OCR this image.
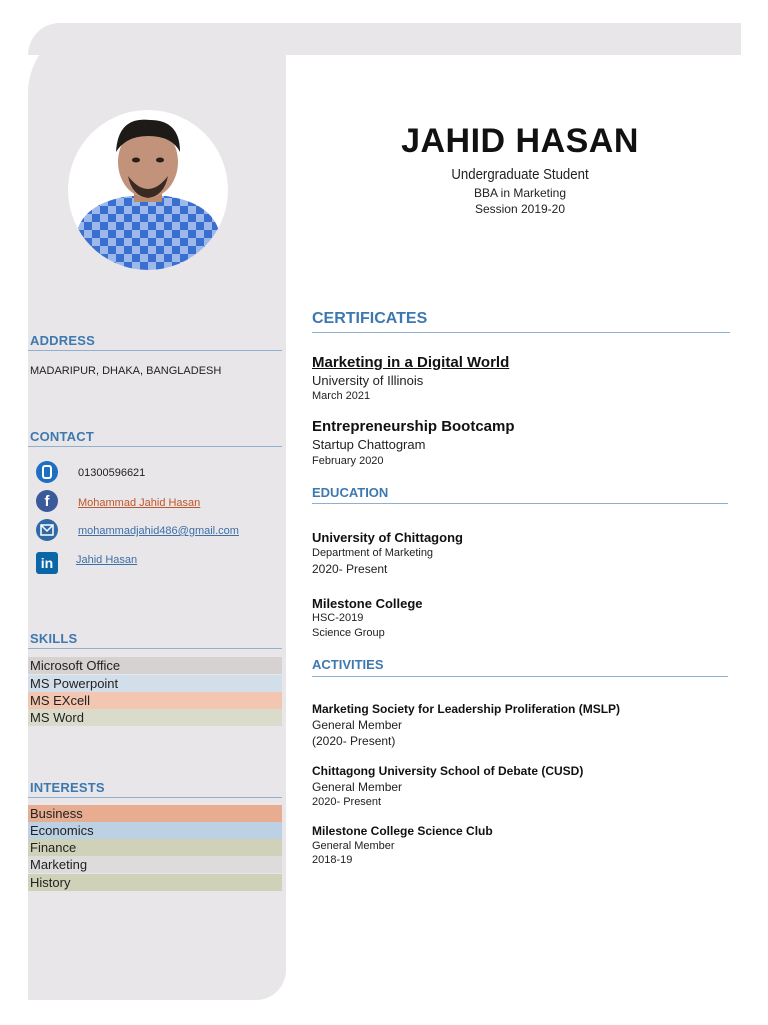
JAHID HASAN
Undergraduate Student
BBA in Marketing
Session 2019-20
ADDRESS
MADARIPUR, DHAKA, BANGLADESH
CONTACT
01300596621
f	Mohammad Jahid Hasan
mohammadjahid486@gmail.com
in	Jahid Hasan
SKILLS
Microsoft Office
MS Powerpoint
MS EXcell
MS Word
INTERESTS
Business
Economics
Finance
Marketing
History
CERTIFICATES
Marketing in a Digital World
University of Illinois
March 2021
Entrepreneurship Bootcamp
Startup Chattogram
February 2020
EDUCATION
University of Chittagong
Department of Marketing
2020- Present
Milestone College
HSC-2019
Science Group
ACTIVITIES
Marketing Society for Leadership Proliferation (MSLP)
General Member
(2020- Present)
Chittagong University School of Debate (CUSD)
General Member
2020- Present
Milestone College Science Club
General Member
2018-19
